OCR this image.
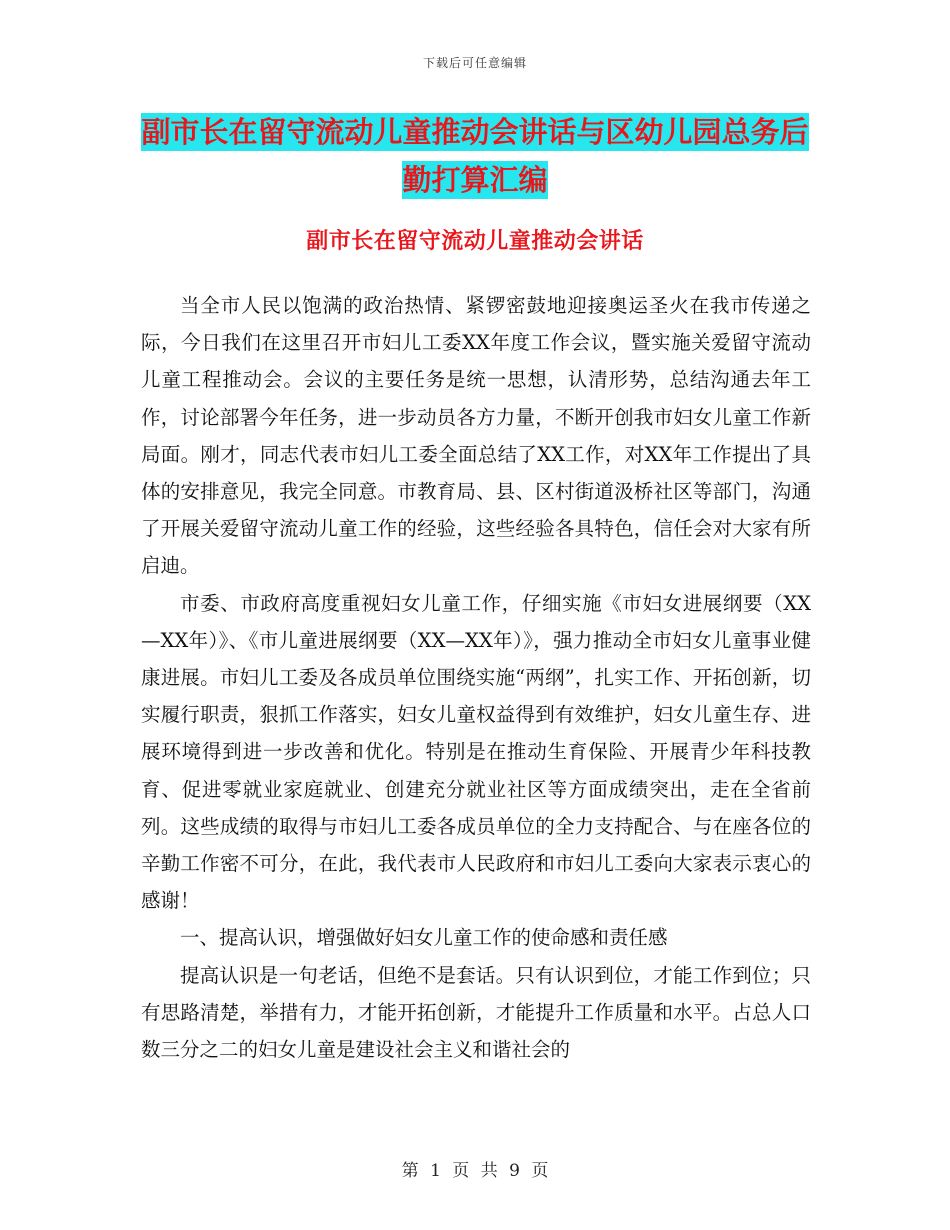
下载后可任意编辑
副市长在留守流动儿童推动会讲话与区幼儿园总务后
勤打算汇编
副市长在留守流动儿童推动会讲话

当全市人民以饱满的政治热情、紧锣密鼓地迎接奥运圣火在我市传递之际，今日我们在这里召开市妇儿工委XX年度工作会议，暨实施关爱留守流动儿童工程推动会。会议的主要任务是统一思想，认清形势，总结沟通去年工作，讨论部署今年任务，进一步动员各方力量，不断开创我市妇女儿童工作新局面。刚才，同志代表市妇儿工委全面总结了XX工作，对XX年工作提出了具体的安排意见，我完全同意。市教育局、县、区村街道汲桥社区等部门，沟通了开展关爱留守流动儿童工作的经验，这些经验各具特色，信任会对大家有所启迪。

市委、市政府高度重视妇女儿童工作，仔细实施《市妇女进展纲要（XX—XX年）》、《市儿童进展纲要（XX—XX年）》，强力推动全市妇女儿童事业健康进展。市妇儿工委及各成员单位围绕实施“两纲”，扎实工作、开拓创新，切实履行职责，狠抓工作落实，妇女儿童权益得到有效维护，妇女儿童生存、进展环境得到进一步改善和优化。特别是在推动生育保险、开展青少年科技教育、促进零就业家庭就业、创建充分就业社区等方面成绩突出，走在全省前列。这些成绩的取得与市妇儿工委各成员单位的全力支持配合、与在座各位的辛勤工作密不可分，在此，我代表市人民政府和市妇儿工委向大家表示衷心的感谢！

一、提高认识，增强做好妇女儿童工作的使命感和责任感

提高认识是一句老话，但绝不是套话。只有认识到位，才能工作到位；只有思路清楚，举措有力，才能开拓创新，才能提升工作质量和水平。占总人口数三分之二的妇女儿童是建设社会主义和谐社会的

第 1 页 共 9 页
